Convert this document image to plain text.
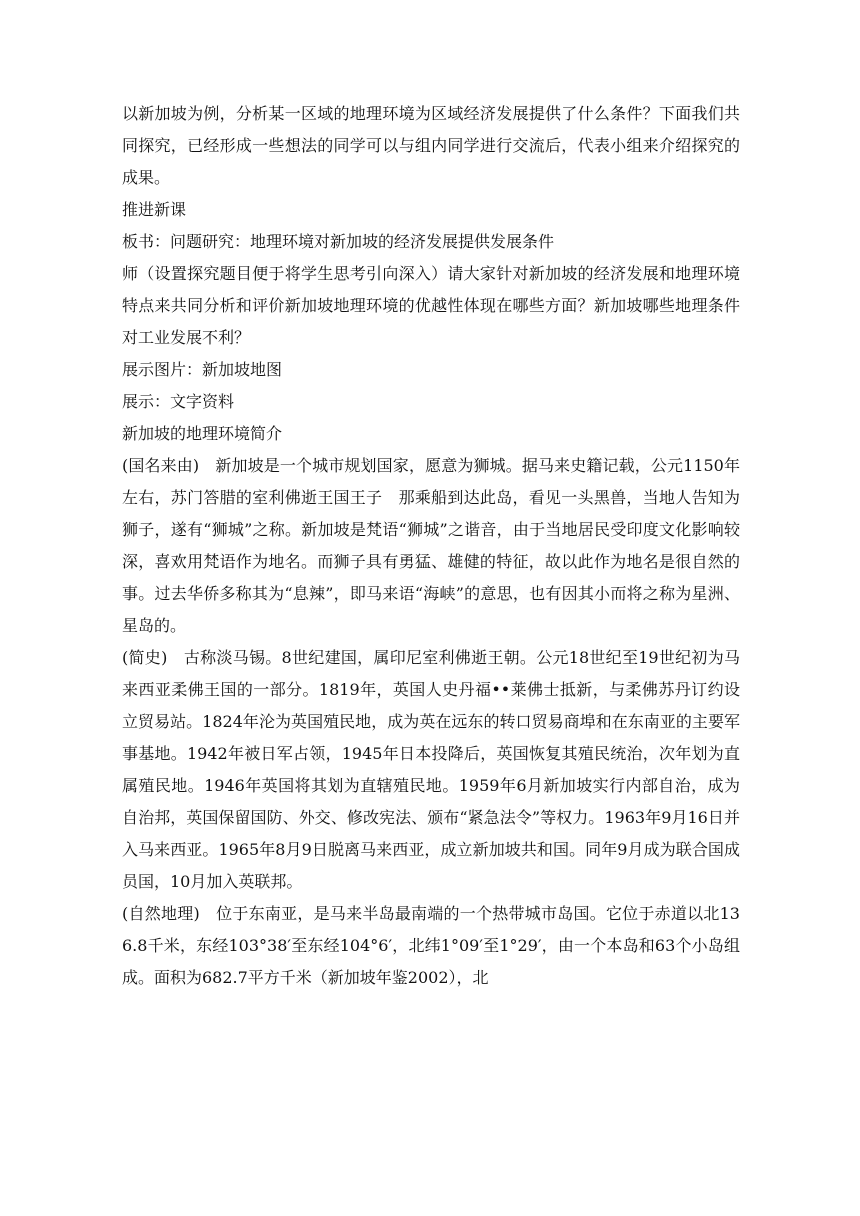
以新加坡为例，分析某一区域的地理环境为区域经济发展提供了什么条件？下面我们共同探究，已经形成一些想法的同学可以与组内同学进行交流后，代表小组来介绍探究的成果。

推进新课

板书：问题研究：地理环境对新加坡的经济发展提供发展条件

师（设置探究题目便于将学生思考引向深入）请大家针对新加坡的经济发展和地理环境特点来共同分析和评价新加坡地理环境的优越性体现在哪些方面？新加坡哪些地理条件对工业发展不利？

展示图片：新加坡地图

展示：文字资料

新加坡的地理环境简介

(国名来由)　新加坡是一个城市规划国家，愿意为狮城。据马来史籍记载，公元1150年左右，苏门答腊的室利佛逝王国王子　那乘船到达此岛，看见一头黑兽，当地人告知为狮子，遂有“狮城”之称。新加坡是梵语“狮城”之谐音，由于当地居民受印度文化影响较深，喜欢用梵语作为地名。而狮子具有勇猛、雄健的特征，故以此作为地名是很自然的事。过去华侨多称其为“息辣”，即马来语“海峡”的意思，也有因其小而将之称为星洲、星岛的。

(简史)　古称淡马锡。8世纪建国，属印尼室利佛逝王朝。公元18世纪至19世纪初为马来西亚柔佛王国的一部分。1819年，英国人史丹福••莱佛士抵新，与柔佛苏丹订约设立贸易站。1824年沦为英国殖民地，成为英在远东的转口贸易商埠和在东南亚的主要军事基地。1942年被日军占领，1945年日本投降后，英国恢复其殖民统治，次年划为直属殖民地。1946年英国将其划为直辖殖民地。1959年6月新加坡实行内部自治，成为自治邦，英国保留国防、外交、修改宪法、颁布“紧急法令”等权力。1963年9月16日并入马来西亚。1965年8月9日脱离马来西亚，成立新加坡共和国。同年9月成为联合国成员国，10月加入英联邦。

(自然地理)　位于东南亚，是马来半岛最南端的一个热带城市岛国。它位于赤道以北136.8千米，东经103°38′至东经104°6′，北纬1°09′至1°29′，由一个本岛和63个小岛组成。面积为682.7平方千米（新加坡年鉴2002），北
